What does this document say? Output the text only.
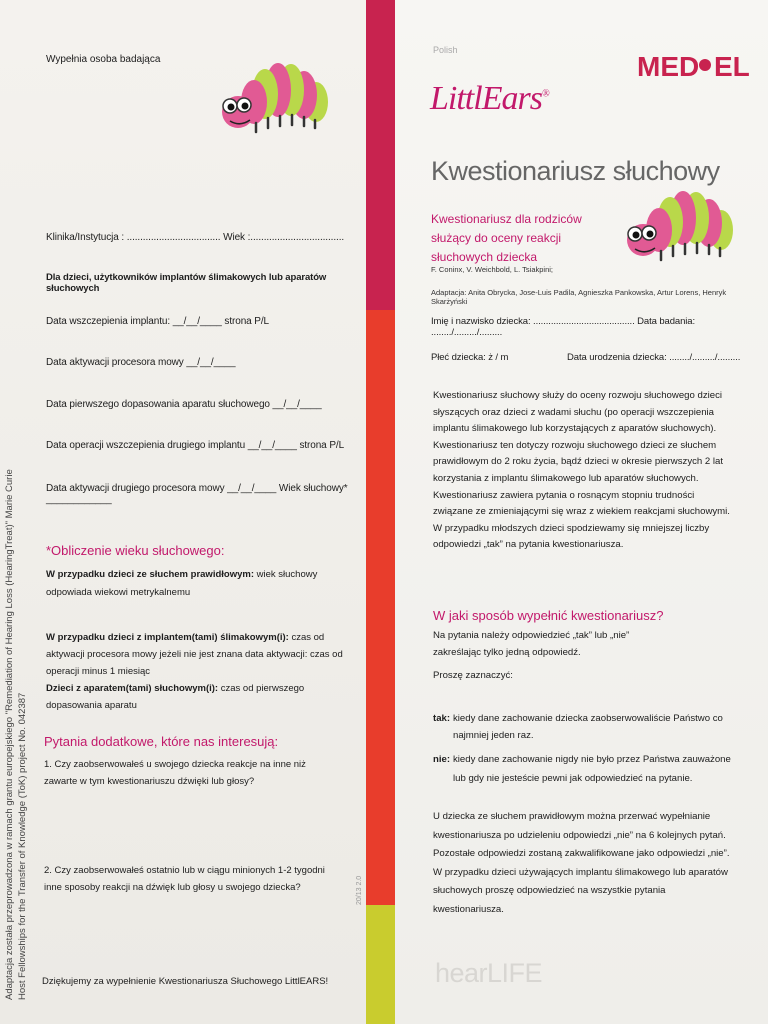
Wypełnia osoba badająca
Klinika/Instytucja : ................................... Wiek :...................................
Dla dzieci, użytkowników implantów ślimakowych lub aparatów słuchowych
Data wszczepienia implantu: __/__/____ strona P/L
Data aktywacji procesora mowy __/__/____
Data pierwszego dopasowania aparatu słuchowego __/__/____
Data operacji wszczepienia drugiego implantu __/__/____ strona P/L
Data aktywacji drugiego procesora mowy __/__/____ Wiek słuchowy* ____________
*Obliczenie wieku słuchowego:
W przypadku dzieci ze słuchem prawidłowym: wiek słuchowy odpowiada wiekowi metrykalnemu
W przypadku dzieci z implantem(tami) ślimakowym(i): czas od aktywacji procesora mowy jeżeli nie jest znana data aktywacji: czas od operacji minus 1 miesiąc
Dzieci z aparatem(tami) słuchowym(i): czas od pierwszego dopasowania aparatu
Pytania dodatkowe, które nas interesują:
1. Czy zaobserwowałeś u swojego dziecka reakcje na inne niż zawarte w tym kwestionariuszu dźwięki lub głosy?
2. Czy zaobserwowałeś ostatnio lub w ciągu minionych 1-2 tygodni inne sposoby reakcji na dźwięk lub głosy u swojego dziecka?
Dziękujemy za wypełnienie Kwestionariusza Słuchowego LittlEARS!
Adaptacja została przeprowadzona w ramach grantu europejskiego "Remediation of Hearing Loss (HearingTreat)" Marie Curie Host Fellowships for the Transfer of Knowledge (ToK) project No. 042387	20/13 2.0
Polish
MED EL
LittlEars®
Kwestionariusz słuchowy
Kwestionariusz dla rodziców służący do oceny reakcji słuchowych dziecka
F. Coninx, V. Weichbold, L. Tsiakpini;
Adaptacja: Anita Obrycka, Jose-Luis Padila, Agnieszka Pankowska, Artur Lorens, Henryk Skarżyński
Imię i nazwisko dziecka: ........................................ Data badania: ......../........./.........
Płeć dziecka: ż / m	Data urodzenia dziecka: ......../........./.........
Kwestionariusz słuchowy służy do oceny rozwoju słuchowego dzieci słyszących oraz dzieci z wadami słuchu (po operacji wszczepienia implantu ślimakowego lub korzystających z aparatów słuchowych). Kwestionariusz ten dotyczy rozwoju słuchowego dzieci ze słuchem prawidłowym do 2 roku życia, bądź dzieci w okresie pierwszych 2 lat korzystania z implantu ślimakowego lub aparatów słuchowych. Kwestionariusz zawiera pytania o rosnącym stopniu trudności związane ze zmieniającymi się wraz z wiekiem reakcjami słuchowymi.
W przypadku młodszych dzieci spodziewamy się mniejszej liczby odpowiedzi „tak” na pytania kwestionariusza.
W jaki sposób wypełnić kwestionariusz?
Na pytania należy odpowiedzieć „tak” lub „nie” zakreślając tylko jedną odpowiedź.
Proszę zaznaczyć:
tak: kiedy dane zachowanie dziecka zaobserwowaliście Państwo co najmniej jeden raz.
nie: kiedy dane zachowanie nigdy nie było przez Państwa zauważone lub gdy nie jesteście pewni jak odpowiedzieć na pytanie.
U dziecka ze słuchem prawidłowym można przerwać wypełnianie kwestionariusza po udzieleniu odpowiedzi „nie” na 6 kolejnych pytań. Pozostałe odpowiedzi zostaną zakwalifikowane jako odpowiedzi „nie”. W przypadku dzieci używających implantu ślimakowego lub aparatów słuchowych proszę odpowiedzieć na wszystkie pytania kwestionariusza.
hearLIFE
